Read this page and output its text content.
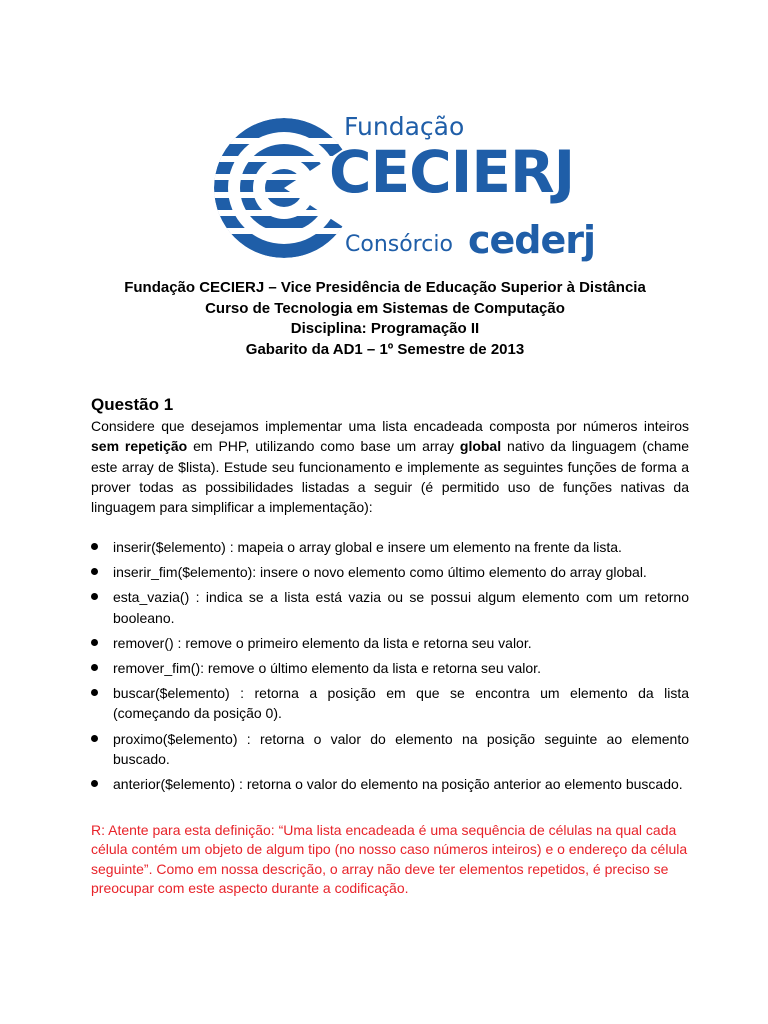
Fundação
CECIERJ
Consórcio cederj
Fundação CECIERJ – Vice Presidência de Educação Superior à Distância
Curso de Tecnologia em Sistemas de Computação
Disciplina: Programação II
Gabarito da AD1 – 1º Semestre de 2013
Questão 1
Considere que desejamos implementar uma lista encadeada composta por números inteiros sem repetição em PHP, utilizando como base um array global nativo da linguagem (chame este array de $lista). Estude seu funcionamento e implemente as seguintes funções de forma a prover todas as possibilidades listadas a seguir (é permitido uso de funções nativas da linguagem para simplificar a implementação):
inserir($elemento) : mapeia o array global e insere um elemento na frente da lista.
inserir_fim($elemento): insere o novo elemento como último elemento do array global.
esta_vazia() : indica se a lista está vazia ou se possui algum elemento com um retorno booleano.
remover() : remove o primeiro elemento da lista e retorna seu valor.
remover_fim(): remove o último elemento da lista e retorna seu valor.
buscar($elemento) : retorna a posição em que se encontra um elemento da lista (começando da posição 0).
proximo($elemento) : retorna o valor do elemento na posição seguinte ao elemento buscado.
anterior($elemento) : retorna o valor do elemento na posição anterior ao elemento buscado.
R: Atente para esta definição: “Uma lista encadeada é uma sequência de células na qual cada célula contém um objeto de algum tipo (no nosso caso números inteiros) e o endereço da célula seguinte”. Como em nossa descrição, o array não deve ter elementos repetidos, é preciso se preocupar com este aspecto durante a codificação.
